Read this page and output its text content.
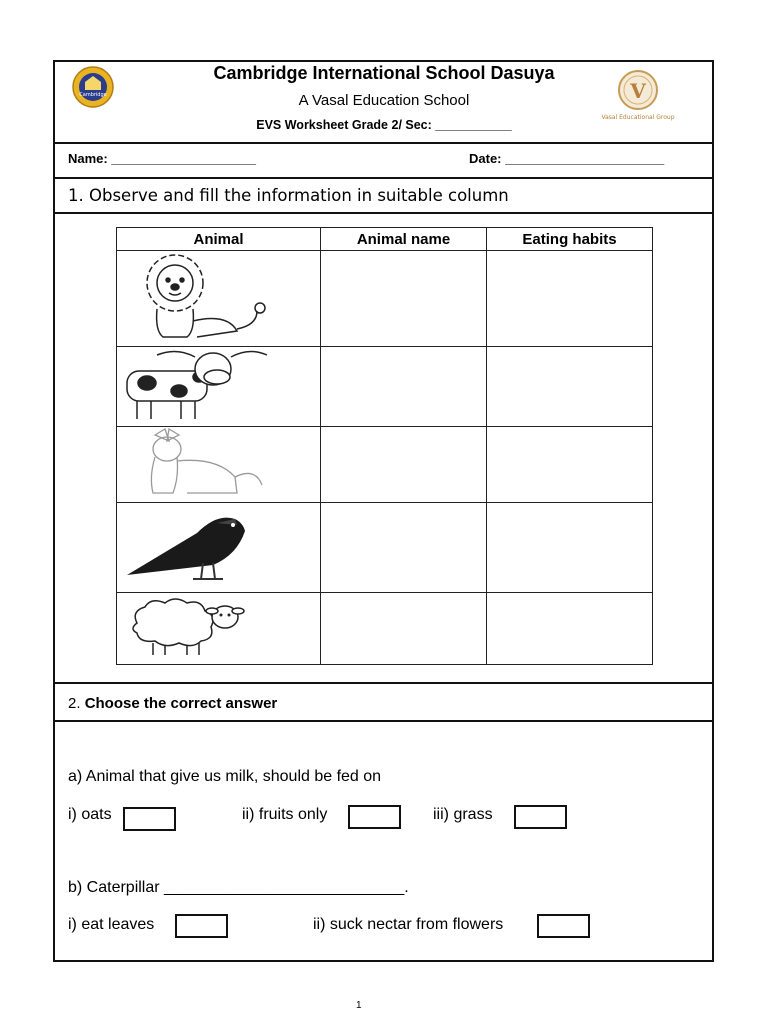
Cambridge	V
Vasal Educational Group
Cambridge International School Dasuya
A Vasal Education School
EVS Worksheet Grade 2/ Sec: ___________
Name: ____________________	Date: ______________________
1. Observe and fill the information in suitable column
Animal	Animal name	Eating habits

2. Choose the correct answer
a) Animal that give us milk, should be fed on
i) oats	ii) fruits only	iii) grass
b) Caterpillar ___________________________.
i) eat leaves	ii) suck nectar from flowers
1
